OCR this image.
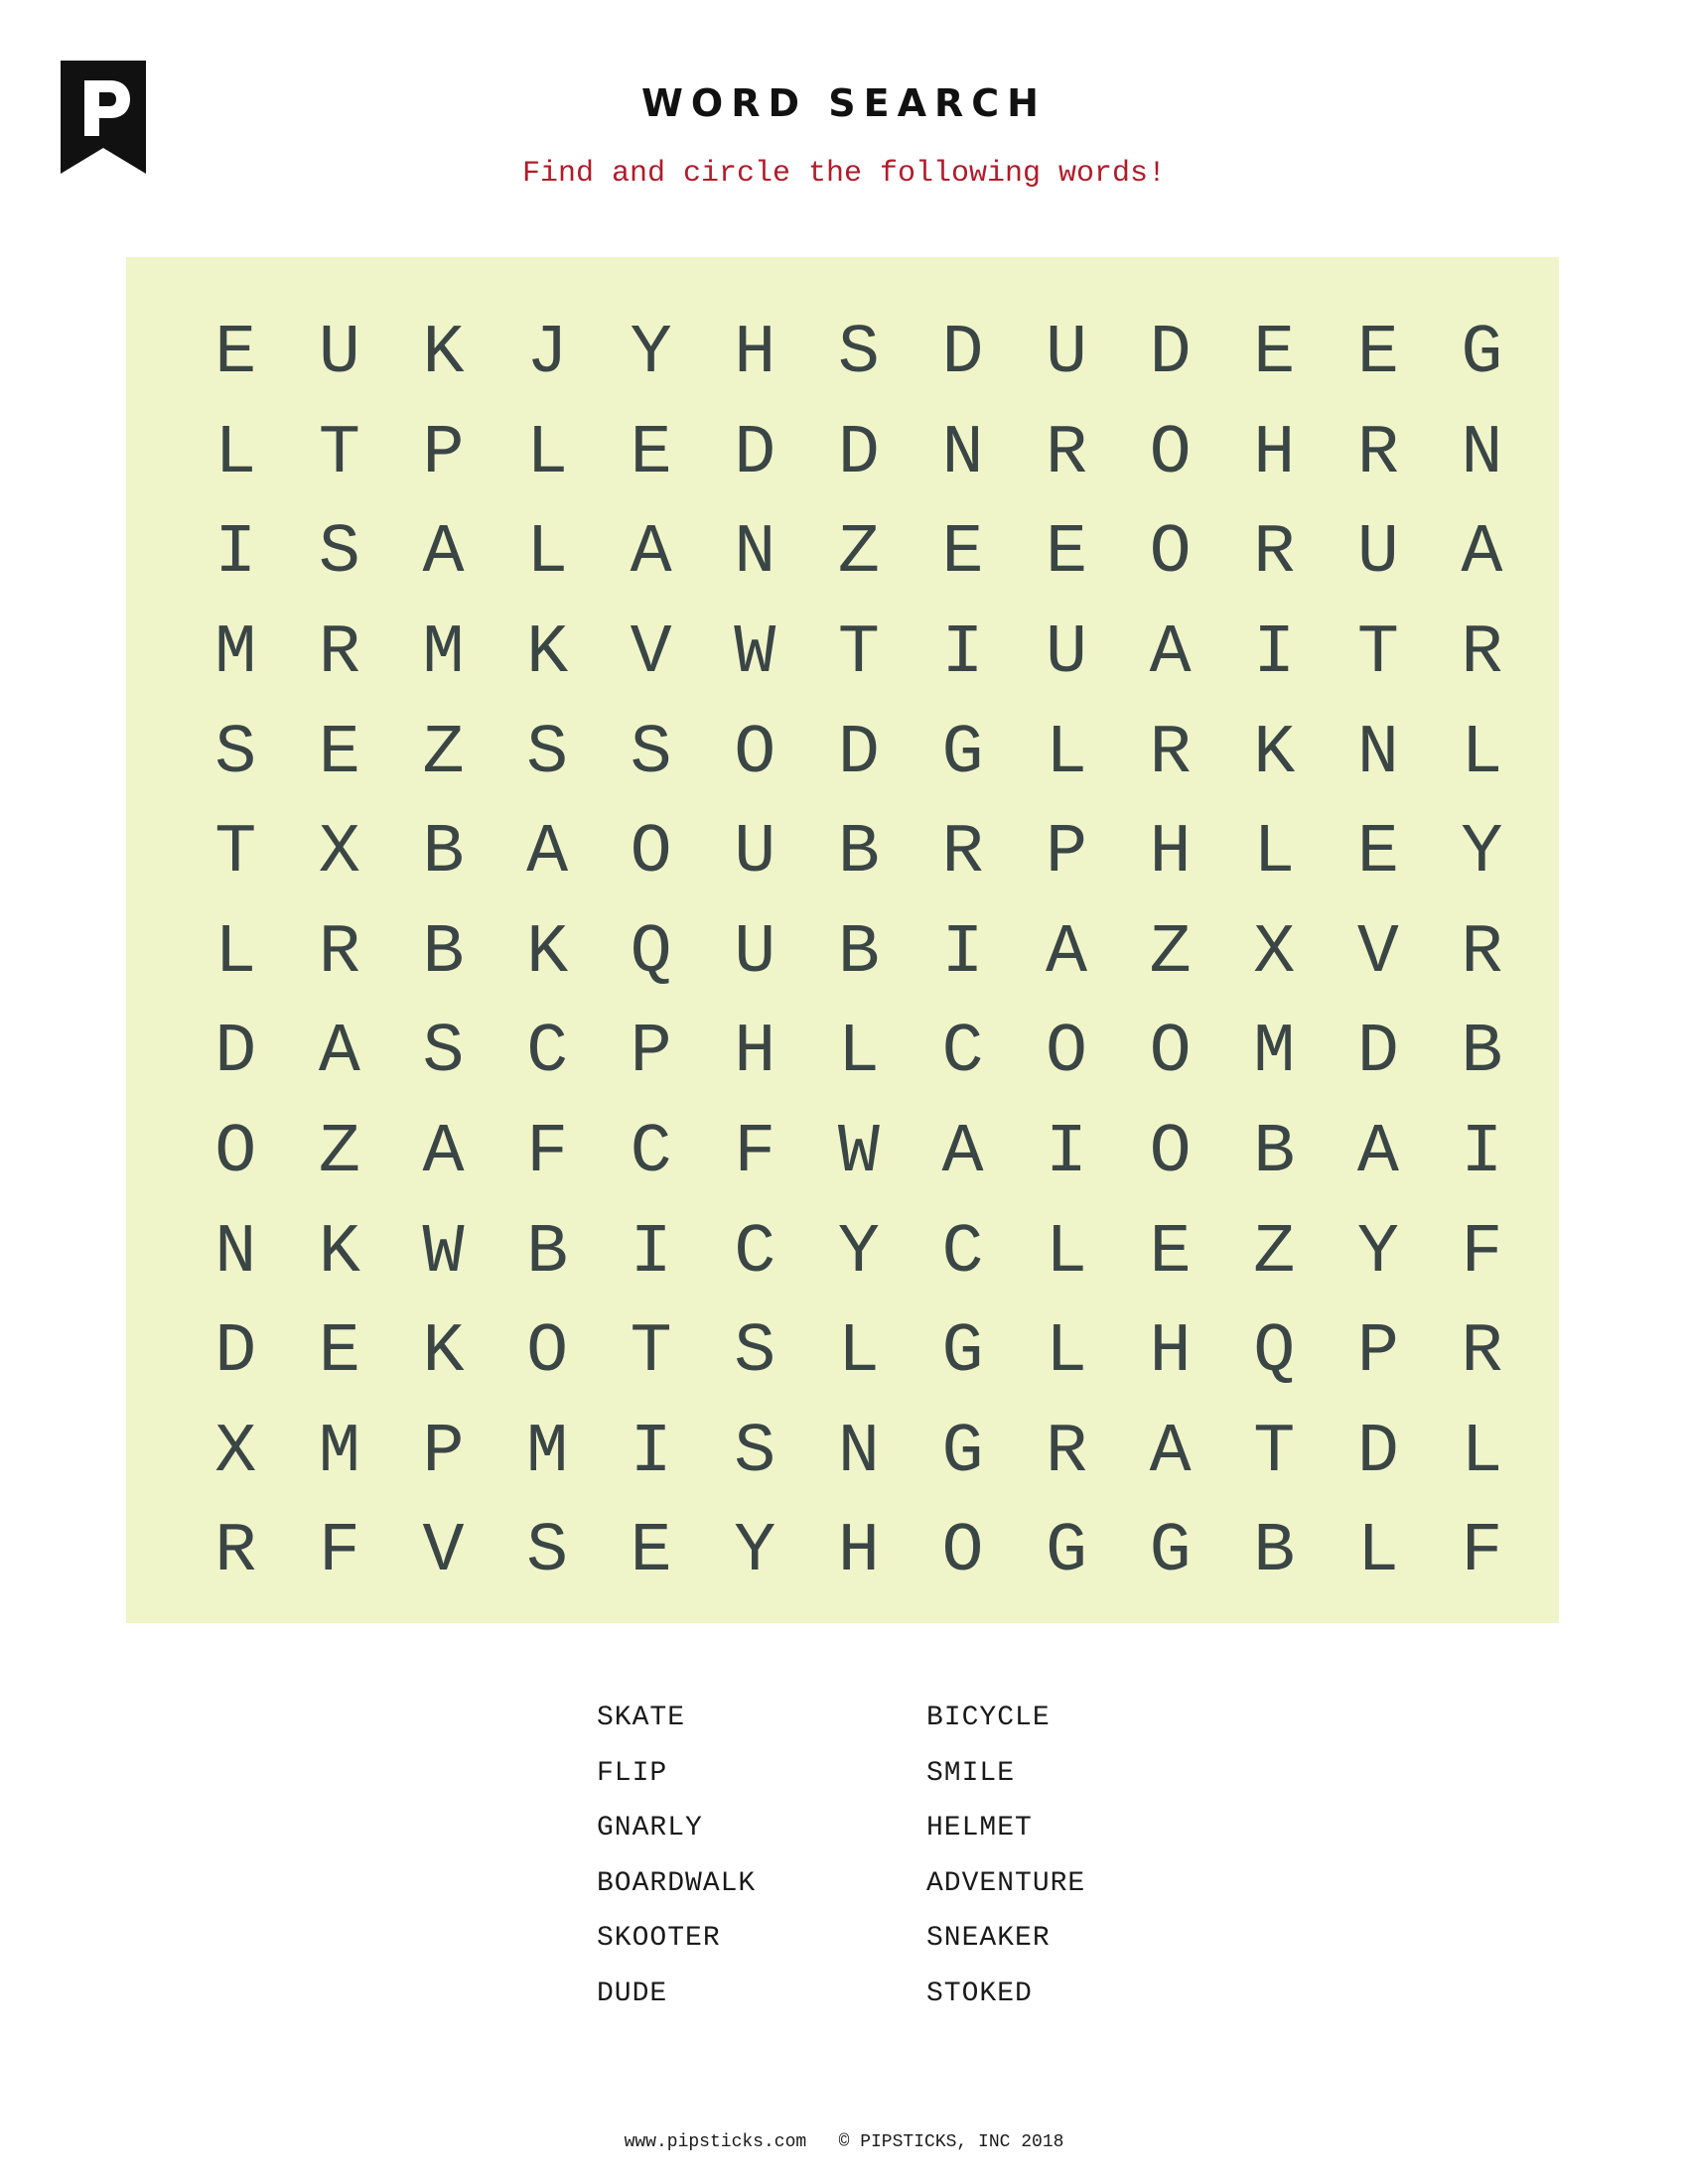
WORD SEARCH
Find and circle the following words!
E U K J Y H S D U D E E G
L T P L E D D N R O H R N
I S A L A N Z E E O R U A
M R M K V W T I U A I T R
S E Z S S O D G L R K N L
T X B A O U B R P H L E Y
L R B K Q U B I A Z X V R
D A S C P H L C O O M D B
O Z A F C F W A I O B A I
N K W B I C Y C L E Z Y F
D E K O T S L G L H Q P R
X M P M I S N G R A T D L
R F V S E Y H O G G B L F
SKATE
FLIP
GNARLY
BOARDWALK
SKOOTER
DUDE
BICYCLE
SMILE
HELMET
ADVENTURE
SNEAKER
STOKED
www.pipsticks.com   © PIPSTICKS, INC 2018
